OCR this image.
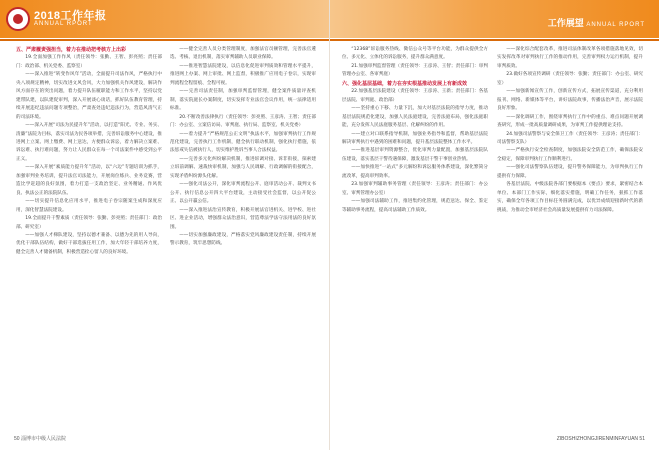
2018工作年报
ANNUAL RPORT

五、严肃履责强担当，着力在推动把考核方上出彩

19.全面加强工作作风（责任领导：张勤、王智、彭亮照；责任部门：政治部、机关党委、监察室）

——深入推进“转变作风年”活动，全面提升司法作风，严格执行中央八项规定精神，切实改进文风会风，大力加强机关作风建设，解决作风方面存在的突出问题，着力提升队伍履职能力和工作水平，坚持以党建带队建，以队建促审判，深入开展谈心谈话，抓好队伍教育管理，持续开展违纪违法问题专项整治，严肃查处违纪违法行为，营造风清气正的司法环境。

——深入开展“司法为民提升年”活动，以打造“阳光、专业、务实、清廉”法院为目标，落实司法为民各项举措，完善诉讼服务中心建设，推进网上立案、网上缴费、网上送达，方便群众诉讼，着力解决立案难、诉讼难、执行难问题，努力让人民群众在每一个司法案件中感受到公平正义。

——深入开展“素质能力提升年”活动，以“六边”专题培训为抓手，加强审判业务培训，提升法官司法能力，开展岗位练兵、业务竞赛，营造比学赶超的良好氛围，着力打造一支政治坚定、业务精通、作风优良、执法公正的法院队伍。

——切实提升信息化应用水平，推进电子卷宗随案生成和深度应用，深化智慧法院建设。

19.全面提升干警素质（责任领导：张勤、彭亮照；责任部门：政治部、研究室）

——加强人才梯队建设，坚持以德才兼备、以德为先的用人导向，优化干部队伍结构，做好干部选拔任用工作，加大年轻干部培养力度，健全完善人才储备机制，积极营造拴心留人的良好环境。

——健全完善人员分类管理制度，加强法官员额管理，完善法官遴选、考核、退出机制，落实审判辅助人员职业保障。

——推进智慧法院建设，以信息化促进审判质效和管理水平提升，推进网上办案、网上审批、网上监督，积极推广应用电子卷宗，实现审判流程全程留痕、全程可视。

——完善司法责任制，加强审判监督管理，健全案件质量评查机制，落实院庭长办案制度，切实发挥专业法官会议作用，统一法律适用标准。

20.不断改善法律执行（责任领导：彭亮照、王彦涛、王智；责任部门：办公室、立案信访局、审判庭、执行局、监察室、机关党委）

——着力提升“严格规范公正文明”执法水平，加强审判执行工作规范化建设，完善执行工作机制，健全执行联动机制，强化执行措施，依法惩戒失信被执行人，切实维护胜诉当事人合法权益。

——完善多元化纠纷解决机制，推进诉调对接、诉非衔接，探索建立诉前调解、速裁快审机制，加强与人民调解、行政调解的衔接配合，实现矛盾纠纷源头化解。

——强化司法公开，深化审判流程公开、庭审活动公开、裁判文书公开、执行信息公开四大平台建设，主动接受社会监督，以公开促公正、以公开赢公信。

——深入推进法治宣传教育，积极开展法官进机关、进学校、进社区、进企业活动，增强群众法治意识，营造尊法学法守法用法的良好氛围。

——切实加强廉政建设，严格落实党风廉政建设责任制，持续开展警示教育，筑牢思想防线。

50 淄博市中级人民法院
工作展望 ANNUAL RPORT

“12368”诉讼服务热线、微信公众号等平台功能，为群众提供全方位、多元化、立体化的诉讼服务，提升群众满意度。

21.加强审判监督管理（责任领导：王彦涛、王智；责任部门：审判管理办公室、各审判庭）

六、强化基层基础，着力在夯实根基推动发展上有新成效

22.加强基层法院建设（责任领导：王彦涛、王新；责任部门：各基层法院、审判庭、政治部）

——坚持重心下移、力量下沉，加大对基层法院的指导力度，推动基层法院规范化建设，加强人民法庭建设，完善法庭布局，强化法庭职能，充分发挥人民法庭服务基层、化解纠纷的作用。

——建立对口联系指导机制，加强业务指导和监督，帮助基层法院解决审判执行中遇到的困难和问题，提升基层法院整体工作水平。

——推进基层审判资源整合，优化审判力量配置，加强基层法院队伍建设，落实基层干警待遇保障，激发基层干警干事创业热情。

——加快推进“一站式”多元解纷和诉讼服务体系建设，深化繁简分流改革，提高审判效率。

23.加强审判辅助事务管理（责任领导：王彦涛；责任部门：办公室、审判管理办公室）

——加强司法辅助工作，推进集约化管理，规范送达、保全、鉴定等辅助事务流程，提高司法辅助工作质效。

——深化综合配套改革，推进司法体制改革各项措施落地见效，切实发挥改革对审判执行工作的推动作用，完善审判权力运行机制，提升审判质效。

23.做好各项宣传调研（责任领导：张勤；责任部门：办公室、研究室）

——加强新闻宣传工作，创新宣传方式，拓展宣传渠道，充分利用报刊、网络、新媒体等平台，讲好法院故事，传播法治声音，展示法院良好形象。

——深化调研工作，围绕审判执行工作中的重点、难点问题开展调查研究，形成一批高质量调研成果，为审判工作提供理论支持。

24.加强司法警察与安全保卫工作（责任领导：王彦涛；责任部门：司法警察支队）

——严格执行安全检查制度，加强法院安全防范工作，确保法院安全稳定，保障审判执行工作顺利进行。

——强化司法警察队伍建设，提升警务保障能力，为审判执行工作提供有力保障。

各基层法院、中级法院各部门要根据本《要点》要求，紧密结合本单位、本部门工作实际，细化落实措施，明确工作任务，狠抓工作落实，确保全年各项工作目标任务圆满完成，以优异成绩迎接新时代的新挑战，为推动全市经济社会高质量发展提供有力司法保障。

ZIBOSHIZHONGJIRENMINFAYUAN 51
